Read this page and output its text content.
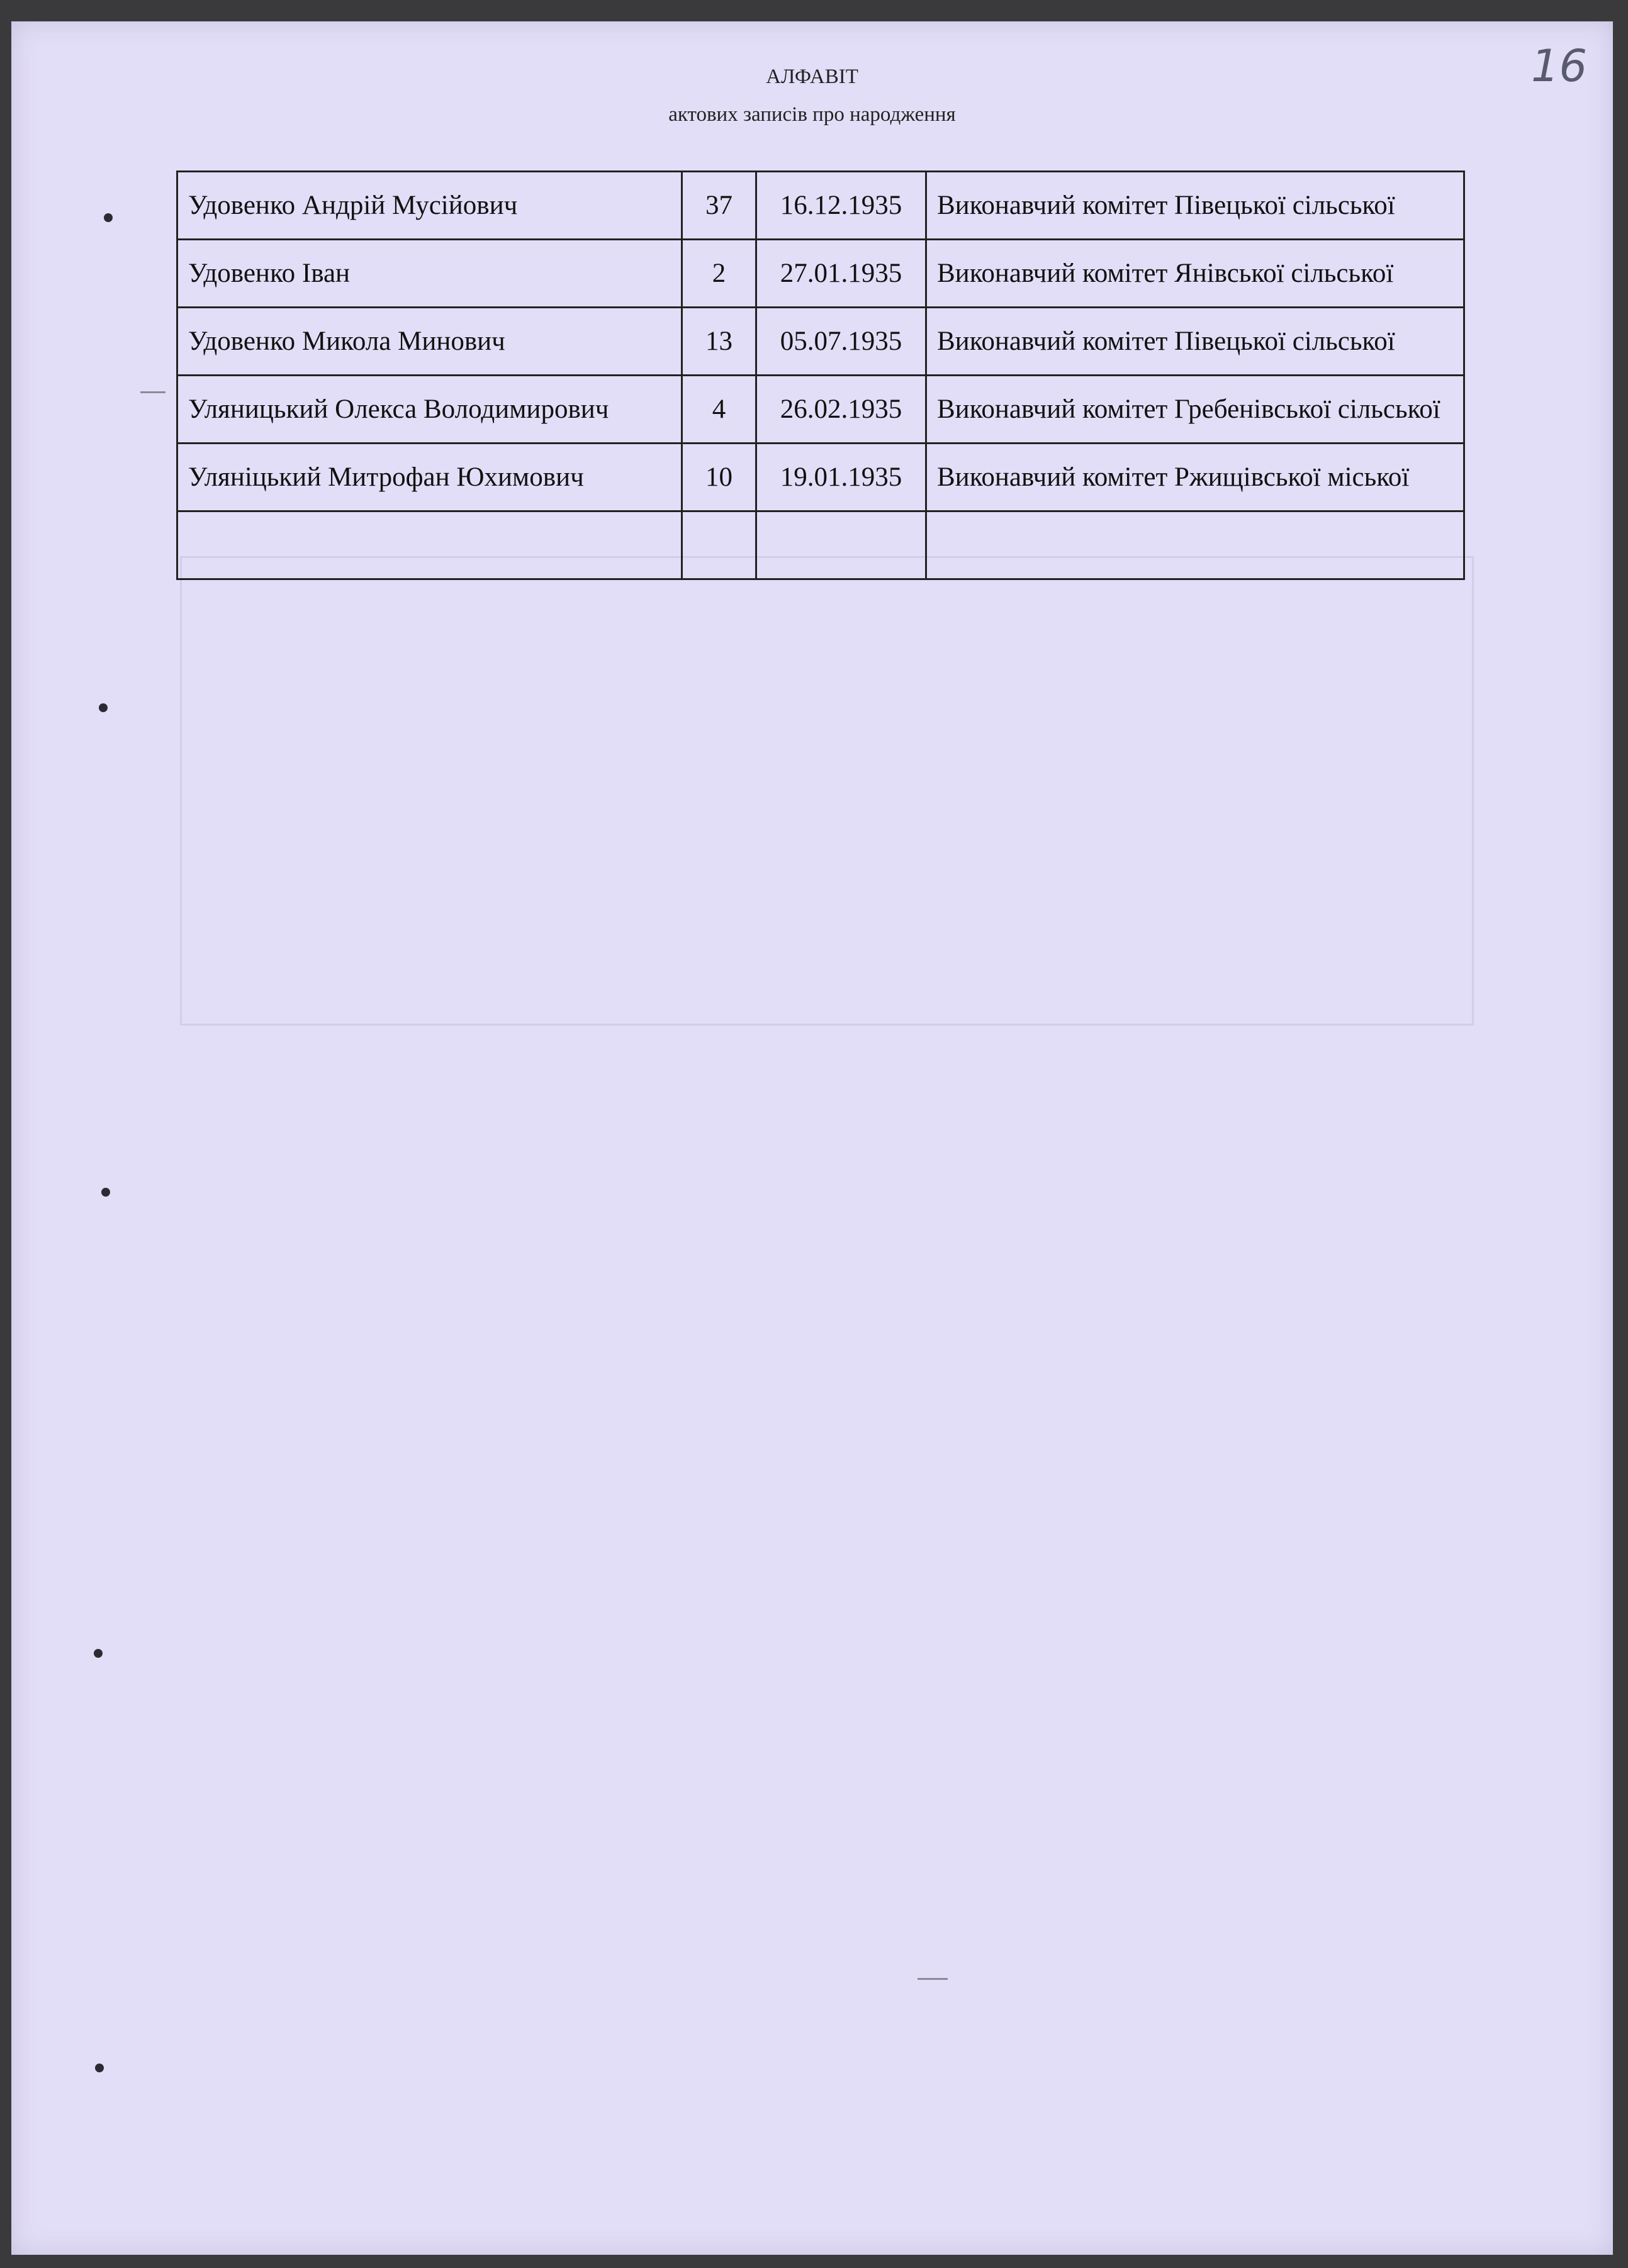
16
АЛФАВІТ
актових записів про народження
Удовенко Андрій Мусійович	37	16.12.1935	Виконавчий комітет Півецької сільської
Удовенко Іван	2	27.01.1935	Виконавчий комітет Янівської сільської
Удовенко Микола Минович	13	05.07.1935	Виконавчий комітет Півецької сільської
Уляницький Олекса Володимирович	4	26.02.1935	Виконавчий комітет Гребенівської сільської
Уляніцький Митрофан Юхимович	10	19.01.1935	Виконавчий комітет Ржищівської міської
